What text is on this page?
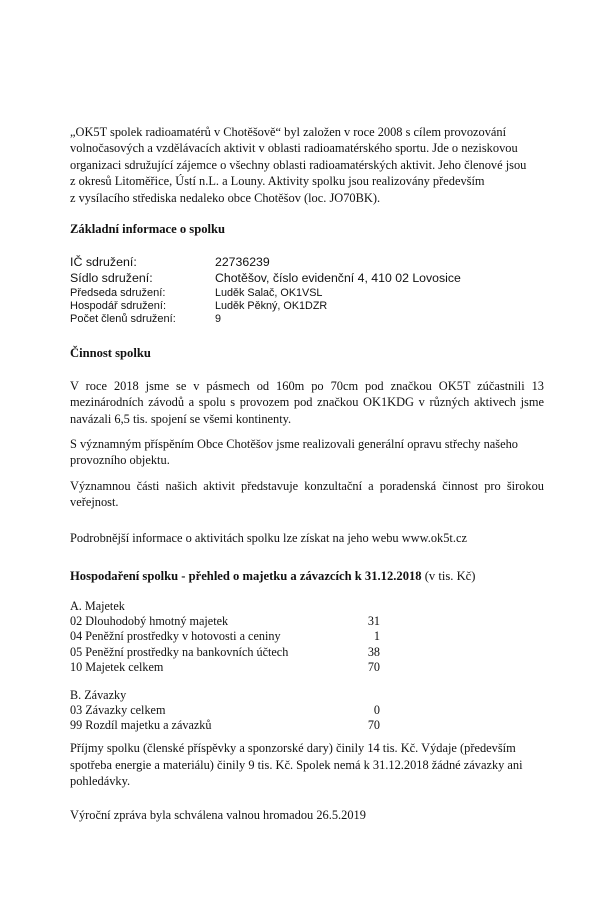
„OK5T spolek radioamatérů v Chotěšově“ byl založen v roce 2008 s cílem provozování
volnočasových a vzdělávacích aktivit v oblasti radioamatérského sportu. Jde o neziskovou
organizaci sdružující zájemce o všechny oblasti radioamatérských aktivit. Jeho členové jsou
z okresů Litoměřice, Ústí n.L. a Louny. Aktivity spolku jsou realizovány především
z vysílacího střediska nedaleko obce Chotěšov (loc. JO70BK).
Základní informace o spolku
IČ sdružení:	22736239
Sídlo sdružení:	Chotěšov, číslo evidenční 4, 410 02 Lovosice
Předseda sdružení:	Luděk Salač, OK1VSL
Hospodář sdružení:	Luděk Pěkný, OK1DZR
Počet členů sdružení:	9
Činnost spolku
V roce 2018 jsme se v pásmech od 160m po 70cm pod značkou OK5T zúčastnili 13
mezinárodních závodů a spolu s provozem pod značkou OK1KDG v různých aktivech jsme
navázali 6,5 tis. spojení se všemi kontinenty.
S významným příspěním Obce Chotěšov jsme realizovali generální opravu střechy našeho
provozního objektu.
Významnou části našich aktivit představuje konzultační a poradenská činnost pro širokou
veřejnost.
Podrobnější informace o aktivitách spolku lze získat na jeho webu www.ok5t.cz
Hospodaření spolku - přehled o majetku a závazcích k 31.12.2018 (v tis. Kč)
A. Majetek
02 Dlouhodobý hmotný majetek	31
04 Peněžní prostředky v hotovosti a ceniny	1
05 Peněžní prostředky na bankovních účtech	38
10 Majetek celkem	70
B. Závazky
03 Závazky celkem	0
99 Rozdíl majetku a závazků	70
Příjmy spolku (členské příspěvky a sponzorské dary) činily 14 tis. Kč. Výdaje (především
spotřeba energie a materiálu) činily 9 tis. Kč. Spolek nemá k 31.12.2018 žádné závazky ani
pohledávky.

Výroční zpráva byla schválena valnou hromadou 26.5.2019
